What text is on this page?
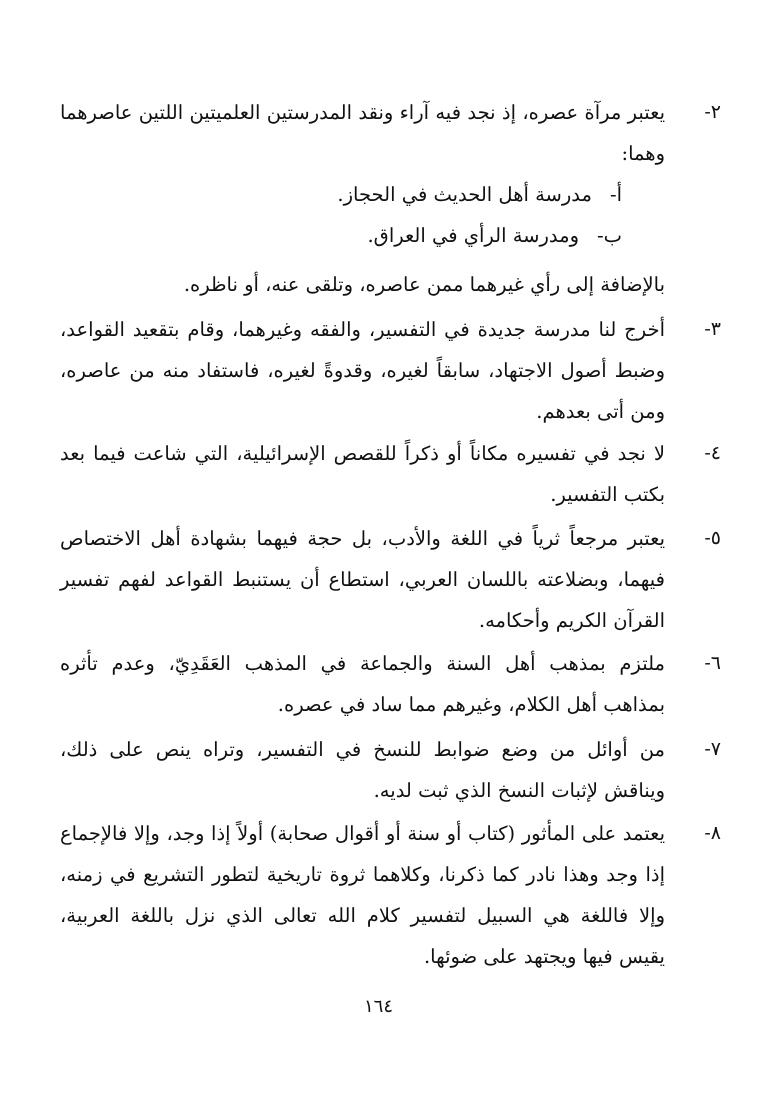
٢-
يعتبر مرآة عصره، إذ نجد فيه آراء ونقد المدرستين العلميتين اللتين عاصرهما وهما:
أ-مدرسة أهل الحديث في الحجاز.
ب-ومدرسة الرأي في العراق.
بالإضافة إلى رأي غيرهما ممن عاصره، وتلقى عنه، أو ناظره.
٣-
أخرج لنا مدرسة جديدة في التفسير، والفقه وغيرهما، وقام بتقعيد القواعد، وضبط أصول الاجتهاد، سابقاً لغيره، وقدوةً لغيره، فاستفاد منه من عاصره، ومن أتى بعدهم.
٤-
لا نجد في تفسيره مكاناً أو ذكراً للقصص الإسرائيلية، التي شاعت فيما بعد بكتب التفسير.
٥-
يعتبر مرجعاً ثرياً في اللغة والأدب، بل حجة فيهما بشهادة أهل الاختصاص فيهما، وبضلاعته باللسان العربي، استطاع أن يستنبط القواعد لفهم تفسير القرآن الكريم وأحكامه.
٦-
ملتزم بمذهب أهل السنة والجماعة في المذهب العَقَدِيّ، وعدم تأثره بمذاهب أهل الكلام، وغيرهم مما ساد في عصره.
٧-
من أوائل من وضع ضوابط للنسخ في التفسير، وتراه ينص على ذلك، ويناقش لإثبات النسخ الذي ثبت لديه.
٨-
يعتمد على المأثور (كتاب أو سنة أو أقوال صحابة) أولاً إذا وجد، وإلا فالإجماع إذا وجد وهذا نادر كما ذكرنا، وكلاهما ثروة تاريخية لتطور التشريع في زمنه، وإلا فاللغة هي السبيل لتفسير كلام الله تعالى الذي نزل باللغة العربية، يقيس فيها ويجتهد على ضوئها.
١٦٤
